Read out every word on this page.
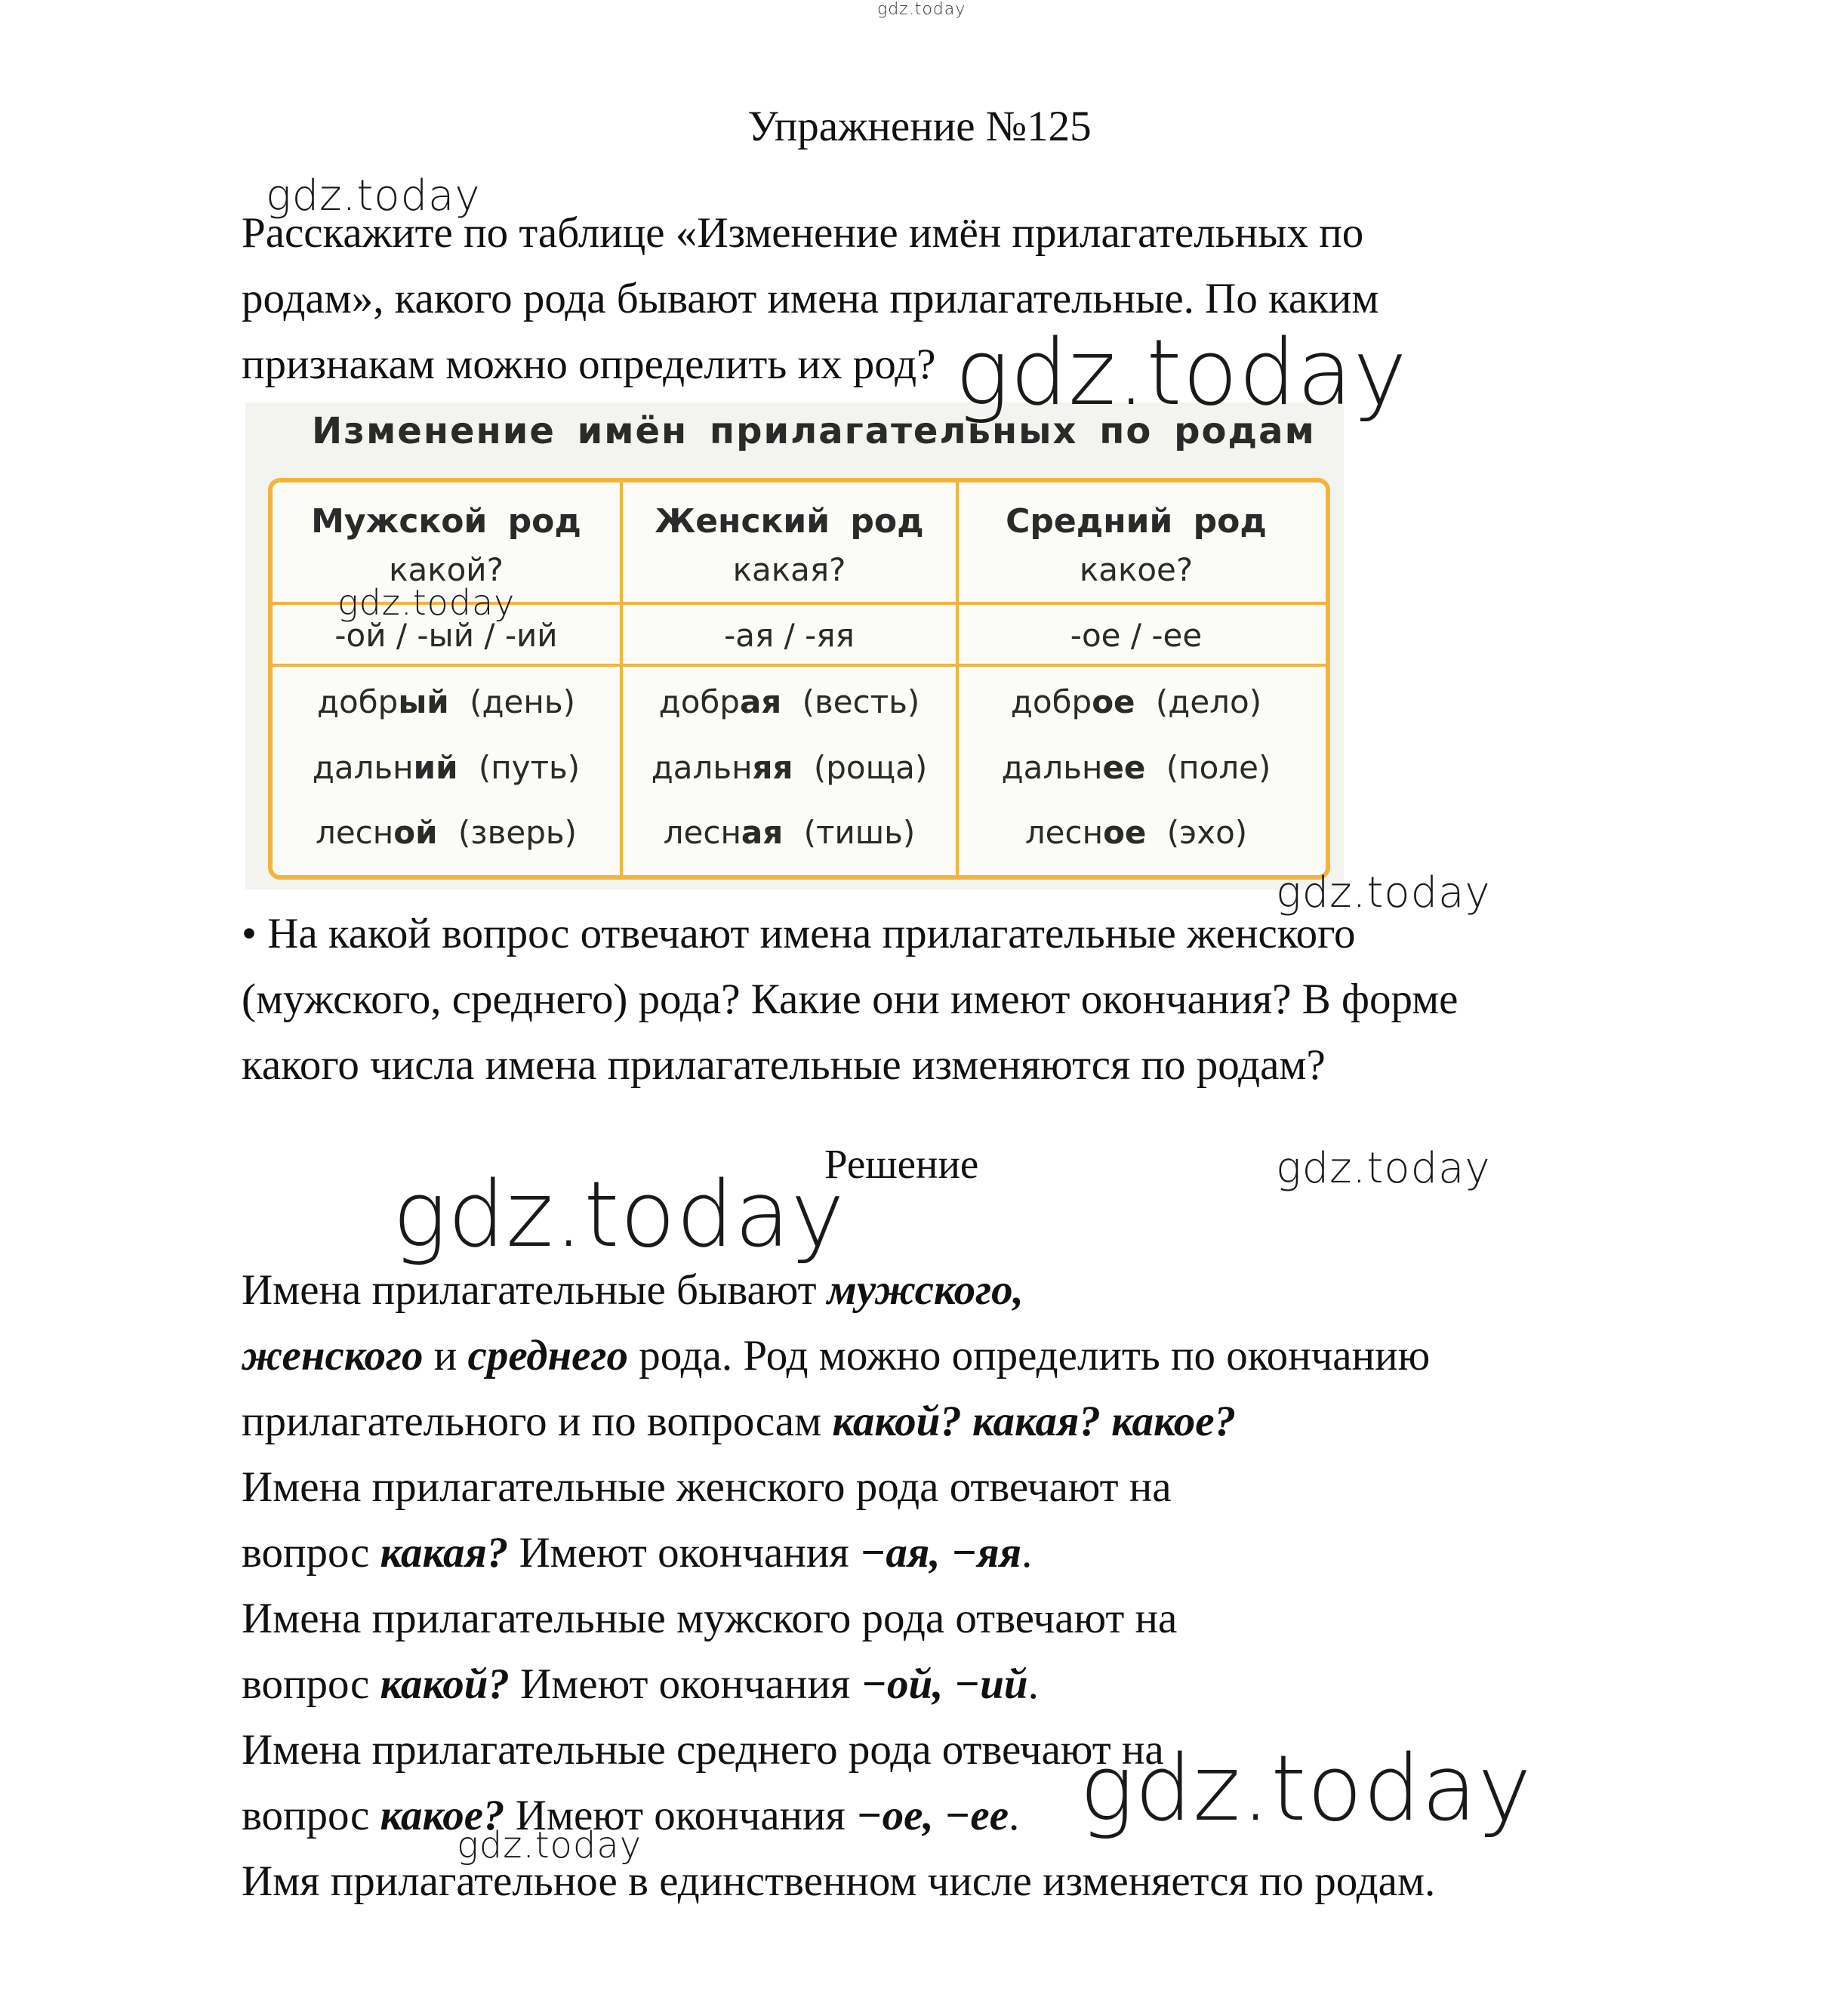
gdz.today
Упражнение №125
Расскажите по таблице «Изменение имён прилагательных по
родам», какого рода бывают имена прилагательные. По каким
признакам можно определить их род?
Изменение имён прилагательных по родам
Мужской род
какой?
-ой / -ый / -ий
добрый (день)
дальний (путь)
лесной (зверь)
Женский род
какая?
-ая / -яя
добрая (весть)
дальняя (роща)
лесная (тишь)
Средний род
какое?
-ое / -ее
доброе (дело)
дальнее (поле)
лесное (эхо)
• На какой вопрос отвечают имена прилагательные женского
(мужского, среднего) рода? Какие они имеют окончания? В форме
какого числа имена прилагательные изменяются по родам?
Решение
Имена прилагательные бывают мужского,
женского и среднего рода. Род можно определить по окончанию
прилагательного и по вопросам какой? какая? какое?
Имена прилагательные женского рода отвечают на
вопрос какая? Имеют окончания −ая, −яя.
Имена прилагательные мужского рода отвечают на
вопрос какой? Имеют окончания −ой, −ий.
Имена прилагательные среднего рода отвечают на
вопрос какое? Имеют окончания −ое, −ее.
Имя прилагательное в единственном числе изменяется по родам.
gdz.today
gdz.today
gdz.today
gdz.today
gdz.today
gdz.today
gdz.today
gdz.today
